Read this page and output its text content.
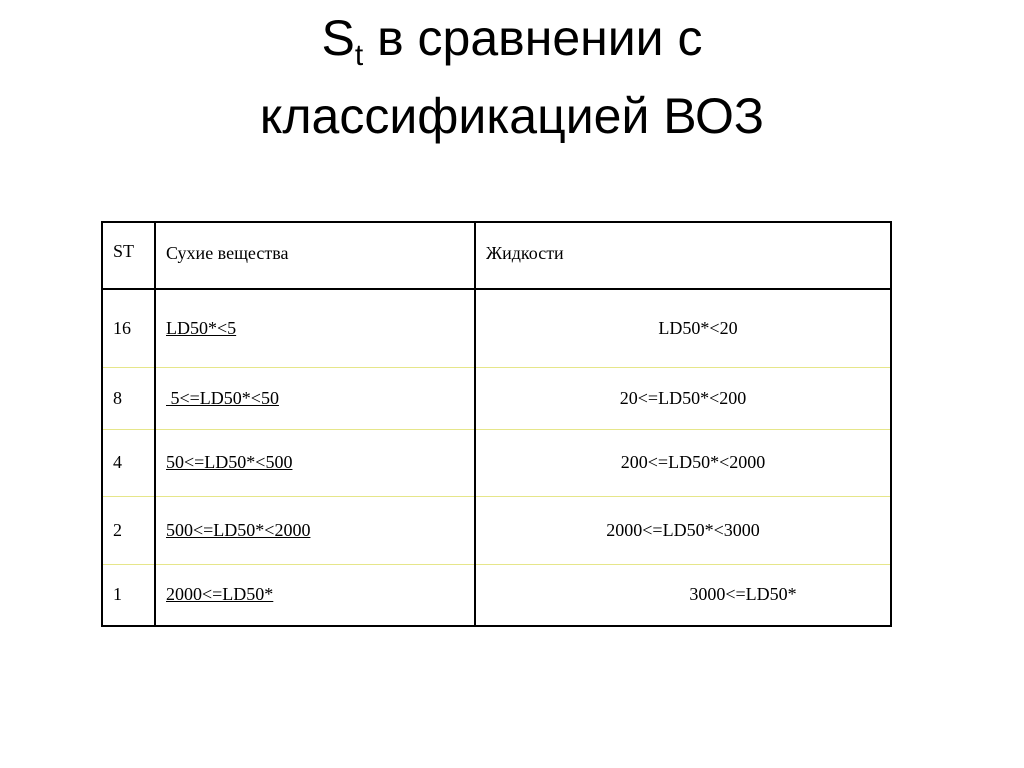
$S_t$ в сравнении с
классификацией ВОЗ
ST	Сухие вещества	Жидкости
16	LD50*<5	LD50*<20
8	5<=LD50*<50	20<=LD50*<200
4	50<=LD50*<500	200<=LD50*<2000
2	500<=LD50*<2000	2000<=LD50*<3000
1	2000<=LD50*	3000<=LD50*
